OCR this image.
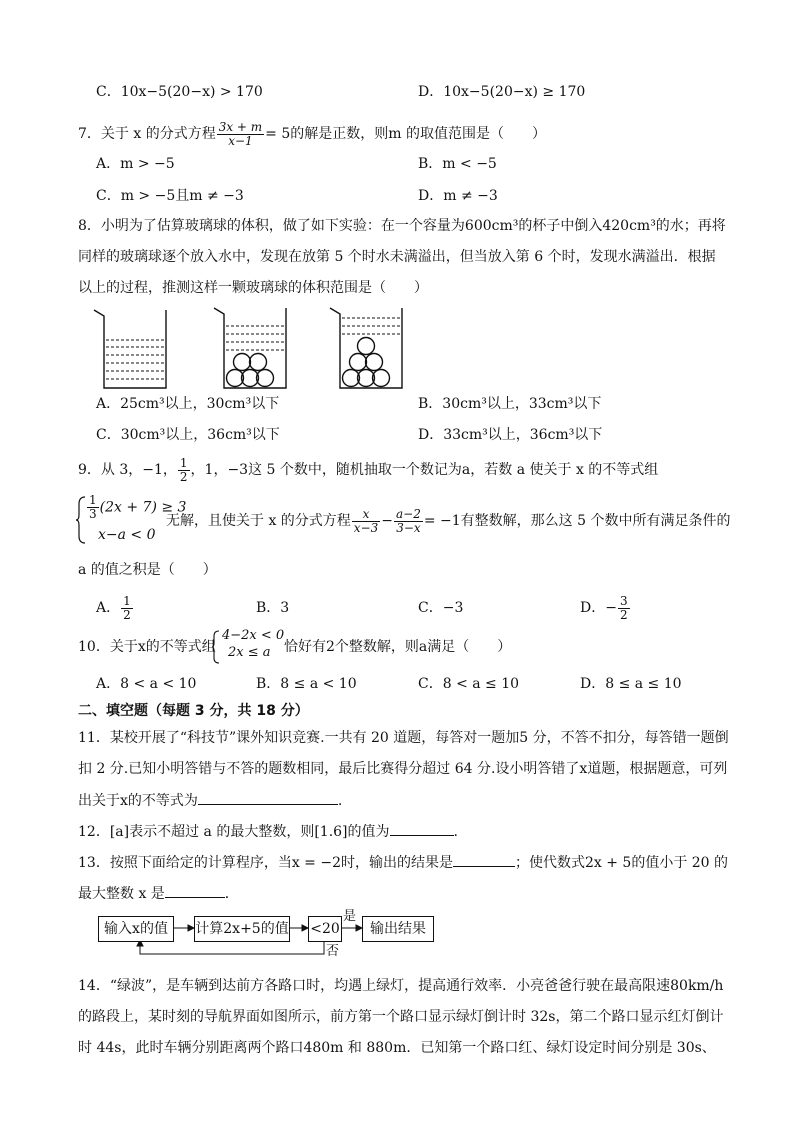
C．10x−5(20−x) > 170	D．10x−5(20−x) ≥ 170
7．关于 x 的分式方程 $\frac{3x + m}{x-1} = 5$的解是正数，则m 的取值范围是（　　）
A．m > −5	B．m < −5
C．m > −5且m ≠ −3	D．m ≠ −3
8．小明为了估算玻璃球的体积，做了如下实验：在一个容量为600cm³的杯子中倒入420cm³的水；再将
同样的玻璃球逐个放入水中，发现在放第 5 个时水未满溢出，但当放入第 6 个时，发现水满溢出．根据
以上的过程，推测这样一颗玻璃球的体积范围是（　　）
A．25cm³以上，30cm³以下	B．30cm³以上，33cm³以下
C．30cm³以上，36cm³以下	D．33cm³以上，36cm³以下
9．从 3，−1， $\frac{1}{2}$ ，1，−3这 5 个数中，随机抽取一个数记为a，若数 a 使关于 x 的不等式组
$\frac{1}{3} (2x + 7) \ge 3$
x−a < 0
无解，且使关于 x 的分式方程 $\frac{x}{x-3} - \frac{a-2}{3-x} = -1$有整数解，那么这 5 个数中所有满足条件的
a 的值之积是（　　）
A． $\frac{1}{2}$	B．3	C．−3	D．− $\frac{3}{2}$
10．关于x的不等式组
4−2x < 0
2x ≤ a 恰好有2个整数解，则a满足（　　）
A．8 < a < 10	B．8 ≤ a < 10	C．8 < a ≤ 10	D．8 ≤ a ≤ 10
二、填空题（每题 3 分，共 18 分）
11．某校开展了“科技节”课外知识竞赛.一共有 20 道题，每答对一题加5 分，不答不扣分，每答错一题倒
扣 2 分.已知小明答错与不答的题数相同，最后比赛得分超过 64 分.设小明答错了x道题，根据题意，可列
出关于x的不等式为	.
12．[a]表示不超过 a 的最大整数，则[1.6]的值为	.
13．按照下面给定的计算程序，当x = −2时，输出的结果是	；使代数式2x + 5的值小于 20 的
最大整数 x 是	．
输入x的值	计算2x+5的值 <20	输出结果
是
否
14．“绿波”，是车辆到达前方各路口时，均遇上绿灯，提高通行效率．小亮爸爸行驶在最高限速80km/h
的路段上，某时刻的导航界面如图所示，前方第一个路口显示绿灯倒计时 32s，第二个路口显示红灯倒计
时 44s，此时车辆分别距离两个路口480m 和 880m．已知第一个路口红、绿灯设定时间分别是 30s、
